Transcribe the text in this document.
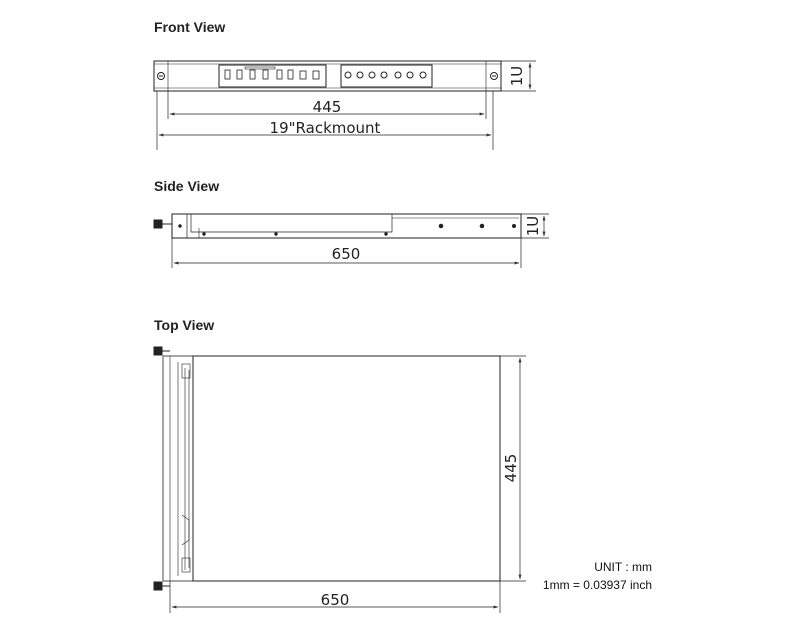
Front View
Side View
Top View
445
19"Rackmount
1U
650
1U
650
445
UNIT : mm
1mm = 0.03937 inch
